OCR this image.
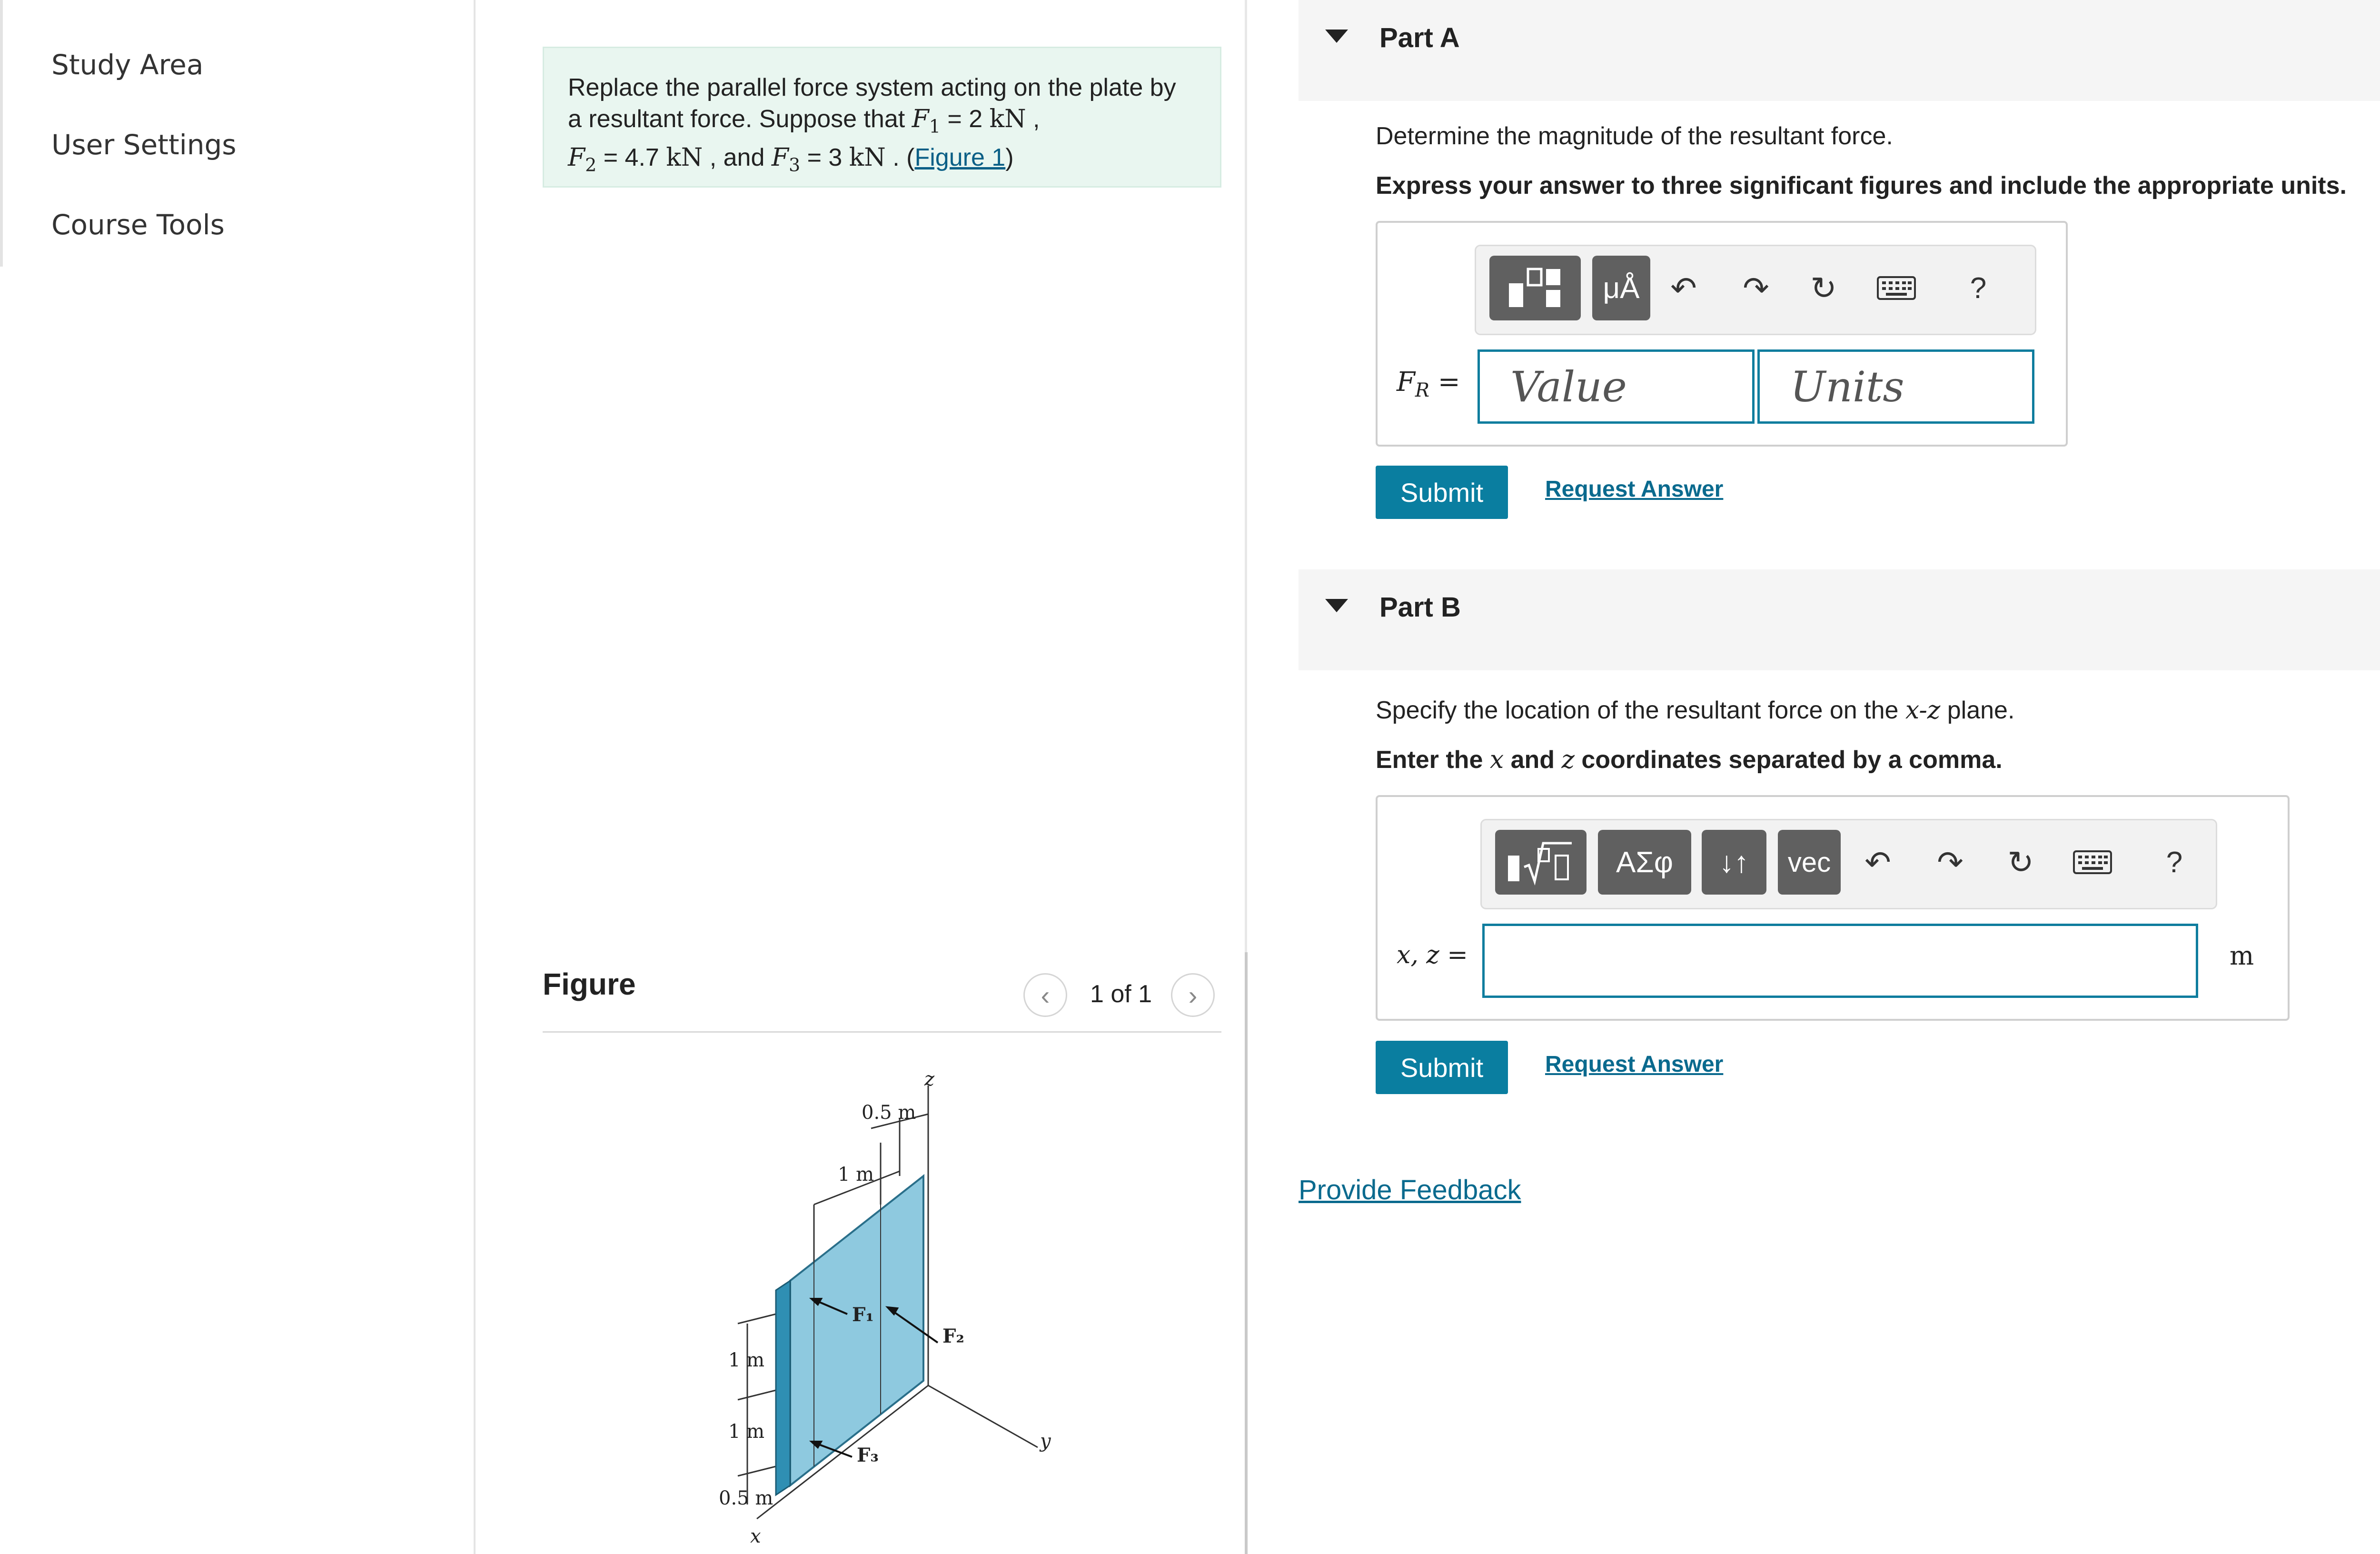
Study Area
User Settings
Course Tools
Replace the parallel force system acting on the plate by a resultant force. Suppose that $F_1 = 2$ kN ,
$F_2 = 4.7$ kN , and $F_3 = 3$ kN . (Figure 1)
Figure	‹ 1 of 1 ›
z
y
x
0.5 m
1 m
1 m
1 m
0.5 m
F₁
F₂
F₃
Part A
Determine the magnitude of the resultant force.
Express your answer to three significant figures and include the appropriate units.
μÅ ↶	↷	↻	?
$F_R$ =	Value	Units
Submit	Request Answer
Part B
Specify the location of the resultant force on the x-z plane.
Enter the x and z coordinates separated by a comma.
ΑΣφ	↓↑	vec	↶	↷	↻	?
x, z =	m
Submit	Request Answer
Provide Feedback
